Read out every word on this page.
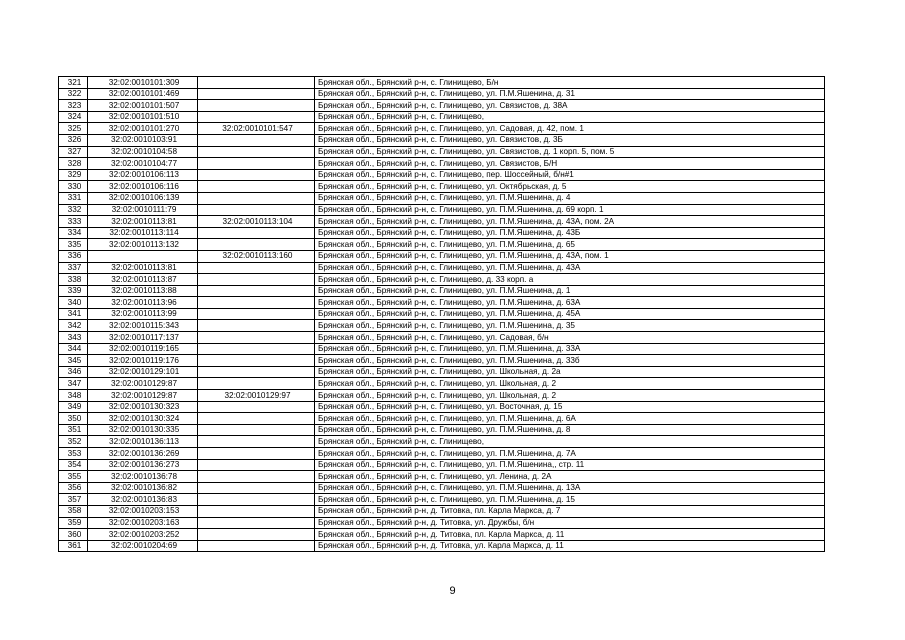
321	32:02:0010101:309		Брянская обл., Брянский р-н, с. Глинищево, Б/н
322	32:02:0010101:469		Брянская обл., Брянский р-н, с. Глинищево, ул. П.М.Яшенина, д. 31
323	32:02:0010101:507		Брянская обл., Брянский р-н, с. Глинищево, ул. Связистов, д. 38А
324	32:02:0010101:510		Брянская обл., Брянский р-н, с. Глинищево,
325	32:02:0010101:270	32:02:0010101:547	Брянская обл., Брянский р-н, с. Глинищево, ул. Садовая, д. 42, пом. 1
326	32:02:0010103:91		Брянская обл., Брянский р-н, с. Глинищево, ул. Связистов, д. 3Б
327	32:02:0010104:58		Брянская обл., Брянский р-н, с. Глинищево, ул. Связистов, д. 1 корп. 5, пом. 5
328	32:02:0010104:77		Брянская обл., Брянский р-н, с. Глинищево, ул. Связистов, Б/Н
329	32:02:0010106:113		Брянская обл., Брянский р-н, с. Глинищево, пер. Шоссейный, б/н#1
330	32:02:0010106:116		Брянская обл., Брянский р-н, с. Глинищево, ул. Октябрьская, д. 5
331	32:02:0010106:139		Брянская обл., Брянский р-н, с. Глинищево, ул. П.М.Яшенина, д. 4
332	32:02:0010111:79		Брянская обл., Брянский р-н, с. Глинищево, ул. П.М.Яшенина, д. 69 корп. 1
333	32:02:0010113:81	32:02:0010113:104	Брянская обл., Брянский р-н, с. Глинищево, ул. П.М.Яшенина, д. 43А, пом. 2А
334	32:02:0010113:114		Брянская обл., Брянский р-н, с. Глинищево, ул. П.М.Яшенина, д. 43Б
335	32:02:0010113:132		Брянская обл., Брянский р-н, с. Глинищево, ул. П.М.Яшенина, д. 65
336		32:02:0010113:160	Брянская обл., Брянский р-н, с. Глинищево, ул. П.М.Яшенина, д. 43А, пом. 1
337	32:02:0010113:81		Брянская обл., Брянский р-н, с. Глинищево, ул. П.М.Яшенина, д. 43А
338	32:02:0010113:87		Брянская обл., Брянский р-н, с. Глинищево, д. 33 корп. а
339	32:02:0010113:88		Брянская обл., Брянский р-н, с. Глинищево, ул. П.М.Яшенина, д. 1
340	32:02:0010113:96		Брянская обл., Брянский р-н, с. Глинищево, ул. П.М.Яшенина, д. 63А
341	32:02:0010113:99		Брянская обл., Брянский р-н, с. Глинищево, ул. П.М.Яшенина, д. 45А
342	32:02:0010115:343		Брянская обл., Брянский р-н, с. Глинищево, ул. П.М.Яшенина, д. 35
343	32:02:0010117:137		Брянская обл., Брянский р-н, с. Глинищево, ул. Садовая, б/н
344	32:02:0010119:165		Брянская обл., Брянский р-н, с. Глинищево, ул. П.М.Яшенина, д. 33А
345	32:02:0010119:176		Брянская обл., Брянский р-н, с. Глинищево, ул. П.М.Яшенина, д. 33б
346	32:02:0010129:101		Брянская обл., Брянский р-н, с. Глинищево, ул. Школьная, д. 2а
347	32:02:0010129:87		Брянская обл., Брянский р-н, с. Глинищево, ул. Школьная, д. 2
348	32:02:0010129:87	32:02:0010129:97	Брянская обл., Брянский р-н, с. Глинищево, ул. Школьная, д. 2
349	32:02:0010130:323		Брянская обл., Брянский р-н, с. Глинищево, ул. Восточная, д. 15
350	32:02:0010130:324		Брянская обл., Брянский р-н, с. Глинищево, ул. П.М.Яшенина, д. 6А
351	32:02:0010130:335		Брянская обл., Брянский р-н, с. Глинищево, ул. П.М.Яшенина, д. 8
352	32:02:0010136:113		Брянская обл., Брянский р-н, с. Глинищево,
353	32:02:0010136:269		Брянская обл., Брянский р-н, с. Глинищево, ул. П.М.Яшенина, д. 7А
354	32:02:0010136:273		Брянская обл., Брянский р-н, с. Глинищево, ул. П.М.Яшенина,, стр. 11
355	32:02:0010136:78		Брянская обл., Брянский р-н, с. Глинищево, ул. Ленина, д. 2А
356	32:02:0010136:82		Брянская обл., Брянский р-н, с. Глинищево, ул. П.М.Яшенина, д. 13А
357	32:02:0010136:83		Брянская обл., Брянский р-н, с. Глинищево, ул. П.М.Яшенина, д. 15
358	32:02:0010203:153		Брянская обл., Брянский р-н, д. Титовка, пл. Карла Маркса, д. 7
359	32:02:0010203:163		Брянская обл., Брянский р-н, д. Титовка, ул. Дружбы, б/н
360	32:02:0010203:252		Брянская обл., Брянский р-н, д. Титовка, пл. Карла Маркса, д. 11
361	32:02:0010204:69		Брянская обл., Брянский р-н, д. Титовка, ул. Карла Маркса, д. 11
9
